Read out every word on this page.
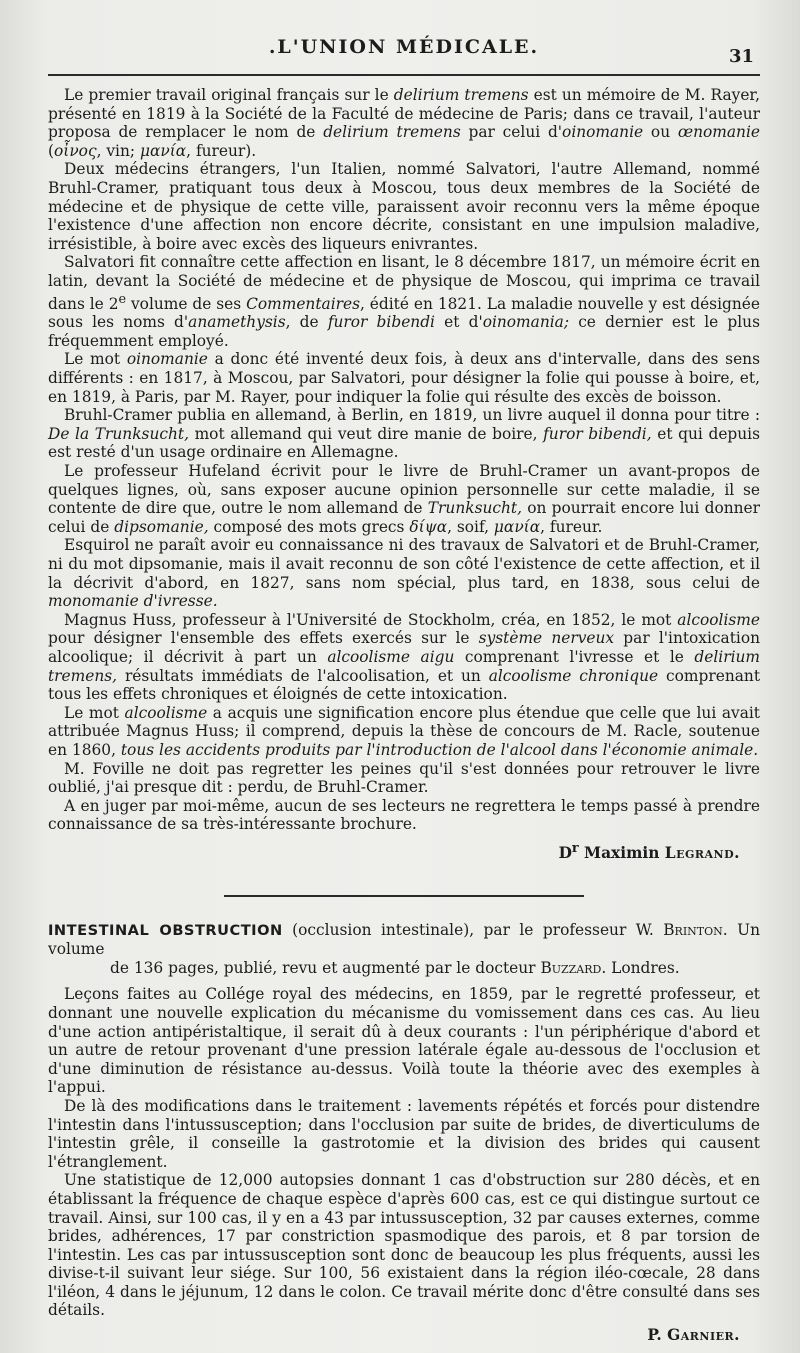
.L'UNION MÉDICALE.	31

Le premier travail original français sur le delirium tremens est un mémoire de M. Rayer, présenté en 1819 à la Société de la Faculté de médecine de Paris; dans ce travail, l'auteur proposa de remplacer le nom de delirium tremens par celui d'oinomanie ou œnomanie (οἶνος, vin; μανία, fureur).

Deux médecins étrangers, l'un Italien, nommé Salvatori, l'autre Allemand, nommé Bruhl-Cramer, pratiquant tous deux à Moscou, tous deux membres de la Société de médecine et de physique de cette ville, paraissent avoir reconnu vers la même époque l'existence d'une affection non encore décrite, consistant en une impulsion maladive, irrésistible, à boire avec excès des liqueurs enivrantes.

Salvatori fit connaître cette affection en lisant, le 8 décembre 1817, un mémoire écrit en latin, devant la Société de médecine et de physique de Moscou, qui imprima ce travail dans le 2e volume de ses Commentaires, édité en 1821. La maladie nouvelle y est désignée sous les noms d'anamethysis, de furor bibendi et d'oinomania; ce dernier est le plus fréquemment employé.

Le mot oinomanie a donc été inventé deux fois, à deux ans d'intervalle, dans des sens différents : en 1817, à Moscou, par Salvatori, pour désigner la folie qui pousse à boire, et, en 1819, à Paris, par M. Rayer, pour indiquer la folie qui résulte des excès de boisson.

Bruhl-Cramer publia en allemand, à Berlin, en 1819, un livre auquel il donna pour titre : De la Trunksucht, mot allemand qui veut dire manie de boire, furor bibendi, et qui depuis est resté d'un usage ordinaire en Allemagne.

Le professeur Hufeland écrivit pour le livre de Bruhl-Cramer un avant-propos de quelques lignes, où, sans exposer aucune opinion personnelle sur cette maladie, il se contente de dire que, outre le nom allemand de Trunksucht, on pourrait encore lui donner celui de dipsomanie, composé des mots grecs δίψα, soif, μανία, fureur.

Esquirol ne paraît avoir eu connaissance ni des travaux de Salvatori et de Bruhl-Cramer, ni du mot dipsomanie, mais il avait reconnu de son côté l'existence de cette affection, et il la décrivit d'abord, en 1827, sans nom spécial, plus tard, en 1838, sous celui de monomanie d'ivresse.

Magnus Huss, professeur à l'Université de Stockholm, créa, en 1852, le mot alcoolisme pour désigner l'ensemble des effets exercés sur le système nerveux par l'intoxication alcoolique; il décrivit à part un alcoolisme aigu comprenant l'ivresse et le delirium tremens, résultats immédiats de l'alcoolisation, et un alcoolisme chronique comprenant tous les effets chroniques et éloignés de cette intoxication.

Le mot alcoolisme a acquis une signification encore plus étendue que celle que lui avait attribuée Magnus Huss; il comprend, depuis la thèse de concours de M. Racle, soutenue en 1860, tous les accidents produits par l'introduction de l'alcool dans l'économie animale.

M. Foville ne doit pas regretter les peines qu'il s'est données pour retrouver le livre oublié, j'ai presque dit : perdu, de Bruhl-Cramer.

A en juger par moi-même, aucun de ses lecteurs ne regrettera le temps passé à prendre connaissance de sa très-intéressante brochure.

$D^r$ Maximin Legrand.

INTESTINAL OBSTRUCTION (occlusion intestinale), par le professeur W. Brinton. Un volume
de 136 pages, publié, revu et augmenté par le docteur Buzzard. Londres.

Leçons faites au Collége royal des médecins, en 1859, par le regretté professeur, et donnant une nouvelle explication du mécanisme du vomissement dans ces cas. Au lieu d'une action antipéristaltique, il serait dû à deux courants : l'un périphérique d'abord et un autre de retour provenant d'une pression latérale égale au-dessous de l'occlusion et d'une diminution de résistance au-dessus. Voilà toute la théorie avec des exemples à l'appui.

De là des modifications dans le traitement : lavements répétés et forcés pour distendre l'intestin dans l'intussusception; dans l'occlusion par suite de brides, de diverticulums de l'intestin grêle, il conseille la gastrotomie et la division des brides qui causent l'étranglement.

Une statistique de 12,000 autopsies donnant 1 cas d'obstruction sur 280 décès, et en établissant la fréquence de chaque espèce d'après 600 cas, est ce qui distingue surtout ce travail. Ainsi, sur 100 cas, il y en a 43 par intussusception, 32 par causes externes, comme brides, adhérences, 17 par constriction spasmodique des parois, et 8 par torsion de l'intestin. Les cas par intussusception sont donc de beaucoup les plus fréquents, aussi les divise-t-il suivant leur siége. Sur 100, 56 existaient dans la région iléo-cœcale, 28 dans l'iléon, 4 dans le jéjunum, 12 dans le colon. Ce travail mérite donc d'être consulté dans ses détails.

P. Garnier.
